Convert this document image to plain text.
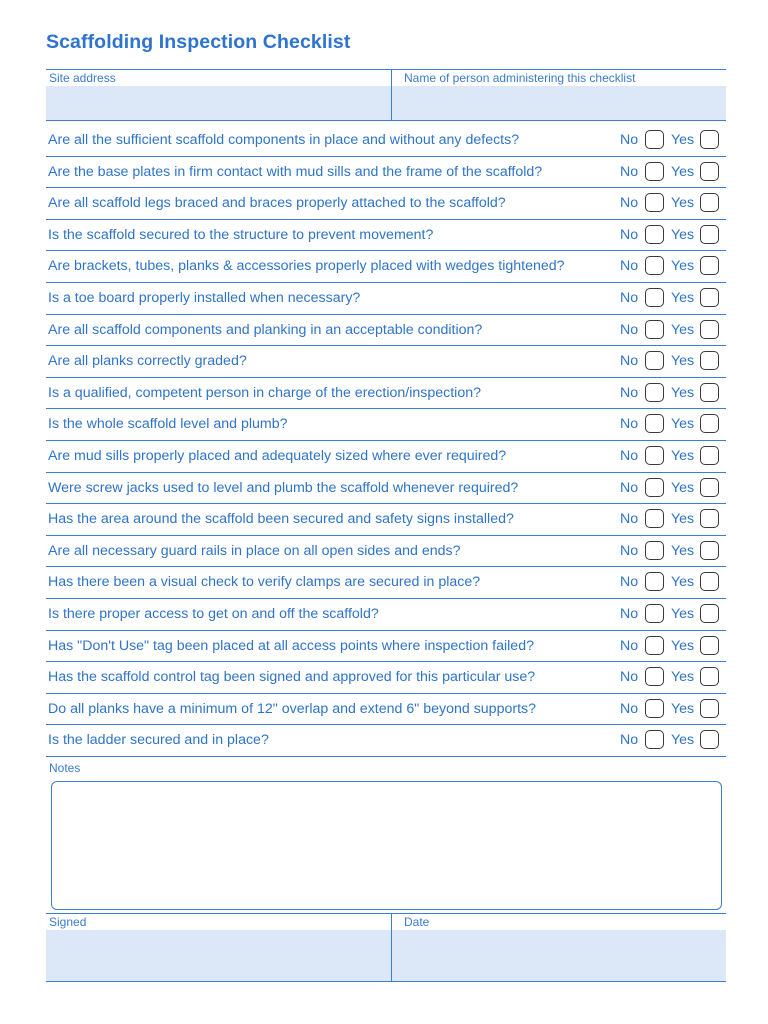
Scaffolding Inspection Checklist
Site address	Name of person administering this checklist
Are all the sufficient scaffold components in place and without any defects?	No Yes
Are the base plates in firm contact with mud sills and the frame of the scaffold?	No Yes
Are all scaffold legs braced and braces properly attached to the scaffold?	No Yes
Is the scaffold secured to the structure to prevent movement?	No Yes
Are brackets, tubes, planks & accessories properly placed with wedges tightened?	No Yes
Is a toe board properly installed when necessary?	No Yes
Are all scaffold components and planking in an acceptable condition?	No Yes
Are all planks correctly graded?	No Yes
Is a qualified, competent person in charge of the erection/inspection?	No Yes
Is the whole scaffold level and plumb?	No Yes
Are mud sills properly placed and adequately sized where ever required?	No Yes
Were screw jacks used to level and plumb the scaffold whenever required?	No Yes
Has the area around the scaffold been secured and safety signs installed?	No Yes
Are all necessary guard rails in place on all open sides and ends?	No Yes
Has there been a visual check to verify clamps are secured in place?	No Yes
Is there proper access to get on and off the scaffold?	No Yes
Has "Don't Use" tag been placed at all access points where inspection failed?	No Yes
Has the scaffold control tag been signed and approved for this particular use?	No Yes
Do all planks have a minimum of 12" overlap and extend 6" beyond supports?	No Yes
Is the ladder secured and in place?	No Yes
Notes
Signed	Date
